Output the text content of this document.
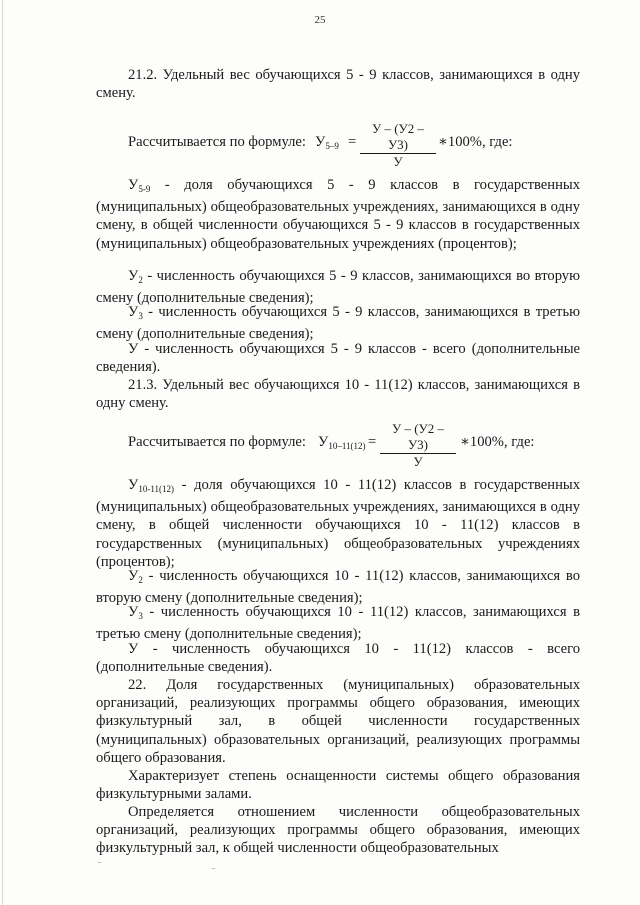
25

21.2. Удельный вес обучающихся 5 - 9 классов, занимающихся в одну смену.

Рассчитывается по формуле: $У_{5-9}$ =
У – (У2 – У3)
У
∗100%, где:

$У_{5-9}$ - доля обучающихся 5 - 9 классов в государственных (муниципальных) общеобразовательных учреждениях, занимающихся в одну смену, в общей численности обучающихся 5 - 9 классов в государственных (муниципальных) общеобразовательных учреждениях (процентов);

$У_2$ - численность обучающихся 5 - 9 классов, занимающихся во вторую смену (дополнительные сведения);

$У_3$ - численность обучающихся 5 - 9 классов, занимающихся в третью смену (дополнительные сведения);

У - численность обучающихся 5 - 9 классов - всего (дополнительные сведения).

21.3. Удельный вес обучающихся 10 - 11(12) классов, занимающихся в одну смену.

Рассчитывается по формуле: $У_{10-11(12)}$ =
У – (У2 – У3)
У
∗100%, где:

$У_{10-11(12)}$ - доля обучающихся 10 - 11(12) классов в государственных (муниципальных) общеобразовательных учреждениях, занимающихся в одну смену, в общей численности обучающихся 10 - 11(12) классов в государственных (муниципальных) общеобразовательных учреждениях (процентов);

$У_2$ - численность обучающихся 10 - 11(12) классов, занимающихся во вторую смену (дополнительные сведения);

$У_3$ - численность обучающихся 10 - 11(12) классов, занимающихся в третью смену (дополнительные сведения);

У - численность обучающихся 10 - 11(12) классов - всего (дополнительные сведения).

22. Доля государственных (муниципальных) образовательных организаций, реализующих программы общего образования, имеющих физкультурный зал, в общей численности государственных (муниципальных) образовательных организаций, реализующих программы общего образования.

Характеризует степень оснащенности системы общего образования физкультурными залами.

Определяется отношением численности общеобразовательных организаций, реализующих программы общего образования, имеющих физкультурный зал, к общей численности общеобразовательных
